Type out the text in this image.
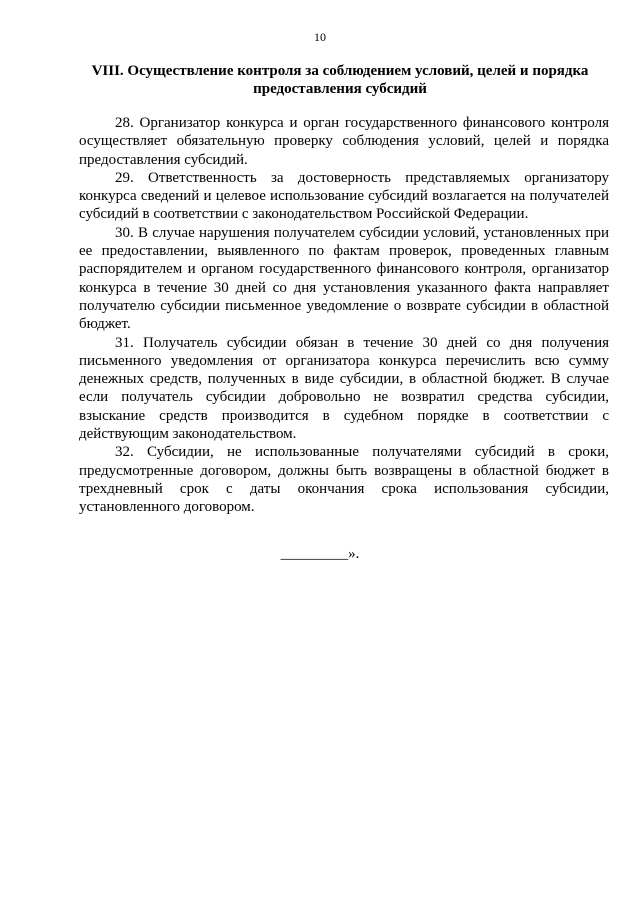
10
VIII. Осуществление контроля за соблюдением условий, целей и порядка
предоставления субсидий

28. Организатор конкурса и орган государственного финансового контроля осуществляет обязательную проверку соблюдения условий, целей и порядка предоставления субсидий.

29. Ответственность за достоверность представляемых организатору конкурса сведений и целевое использование субсидий возлагается на получателей субсидий в соответствии с законодательством Российской Федерации.

30. В случае нарушения получателем субсидии условий, установленных при ее предоставлении, выявленного по фактам проверок, проведенных главным распорядителем и органом государственного финансового контроля, организатор конкурса в течение 30 дней со дня установления указанного факта направляет получателю субсидии письменное уведомление о возврате субсидии в областной бюджет.

31. Получатель субсидии обязан в течение 30 дней со дня получения письменного уведомления от организатора конкурса перечислить всю сумму денежных средств, полученных в виде субсидии, в областной бюджет. В случае если получатель субсидии добровольно не возвратил средства субсидии, взыскание средств производится в судебном порядке в соответствии с действующим законодательством.

32. Субсидии, не использованные получателями субсидий в сроки, предусмотренные договором, должны быть возвращены в областной бюджет в трехдневный срок с даты окончания срока использования субсидии, установленного договором.

_________».
